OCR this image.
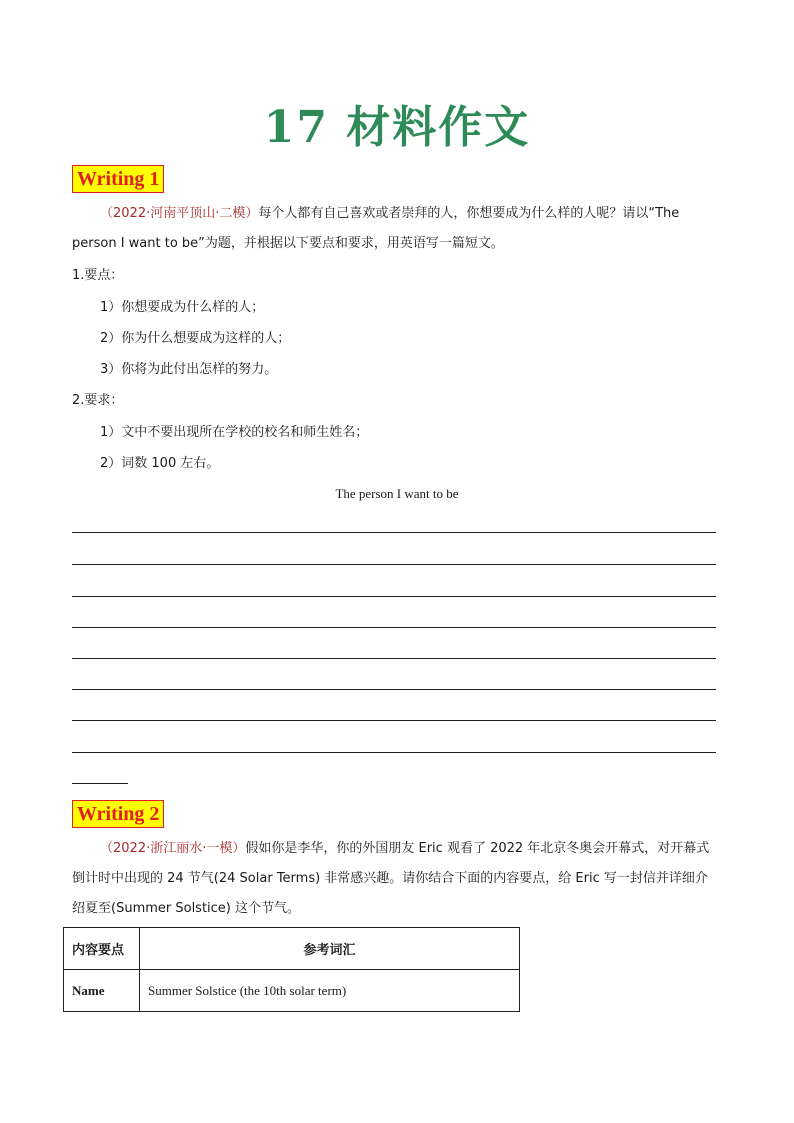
17 材料作文
Writing 1

（2022·河南平顶山·二模）每个人都有自己喜欢或者崇拜的人，你想要成为什么样的人呢？请以“The person I want to be”为题，并根据以下要点和要求，用英语写一篇短文。

1.要点：

1）你想要成为什么样的人；

2）你为什么想要成为这样的人；

3）你将为此付出怎样的努力。

2.要求：

1）文中不要出现所在学校的校名和师生姓名；

2）词数 100 左右。

The person I want to be
Writing 2

（2022·浙江丽水·一模）假如你是李华，你的外国朋友 Eric 观看了 2022 年北京冬奥会开幕式，对开幕式倒计时中出现的 24 节气(24 Solar Terms) 非常感兴趣。请你结合下面的内容要点，给 Eric 写一封信并详细介绍夏至(Summer Solstice) 这个节气。

内容要点	参考词汇
Name	Summer Solstice (the 10th solar term)
